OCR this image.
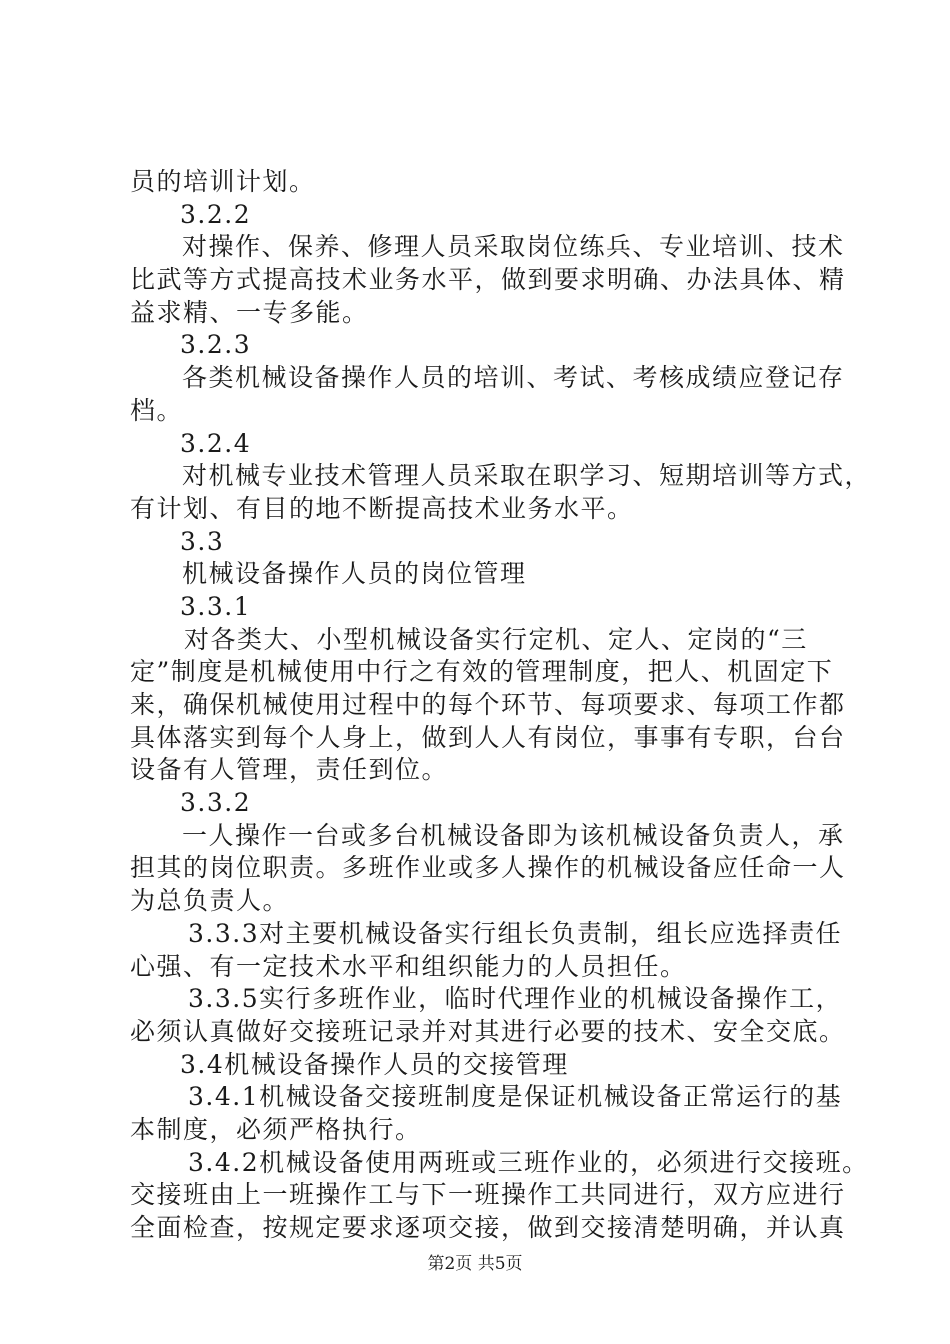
员的培训计划。
3.2.2
对操作、保养、修理人员采取岗位练兵、专业培训、技术
比武等方式提高技术业务水平，做到要求明确、办法具体、精
益求精、一专多能。
3.2.3
各类机械设备操作人员的培训、考试、考核成绩应登记存
档。
3.2.4
对机械专业技术管理人员采取在职学习、短期培训等方式，
有计划、有目的地不断提高技术业务水平。
3.3
机械设备操作人员的岗位管理
3.3.1
对各类大、小型机械设备实行定机、定人、定岗的“三
定”制度是机械使用中行之有效的管理制度，把人、机固定下
来，确保机械使用过程中的每个环节、每项要求、每项工作都
具体落实到每个人身上，做到人人有岗位，事事有专职，台台
设备有人管理，责任到位。
3.3.2
一人操作一台或多台机械设备即为该机械设备负责人，承
担其的岗位职责。多班作业或多人操作的机械设备应任命一人
为总负责人。
3.3.3对主要机械设备实行组长负责制，组长应选择责任
心强、有一定技术水平和组织能力的人员担任。
3.3.5实行多班作业，临时代理作业的机械设备操作工，
必须认真做好交接班记录并对其进行必要的技术、安全交底。
3.4机械设备操作人员的交接管理
3.4.1机械设备交接班制度是保证机械设备正常运行的基
本制度，必须严格执行。
3.4.2机械设备使用两班或三班作业的，必须进行交接班。
交接班由上一班操作工与下一班操作工共同进行，双方应进行
全面检查，按规定要求逐项交接，做到交接清楚明确，并认真
第2页 共5页
